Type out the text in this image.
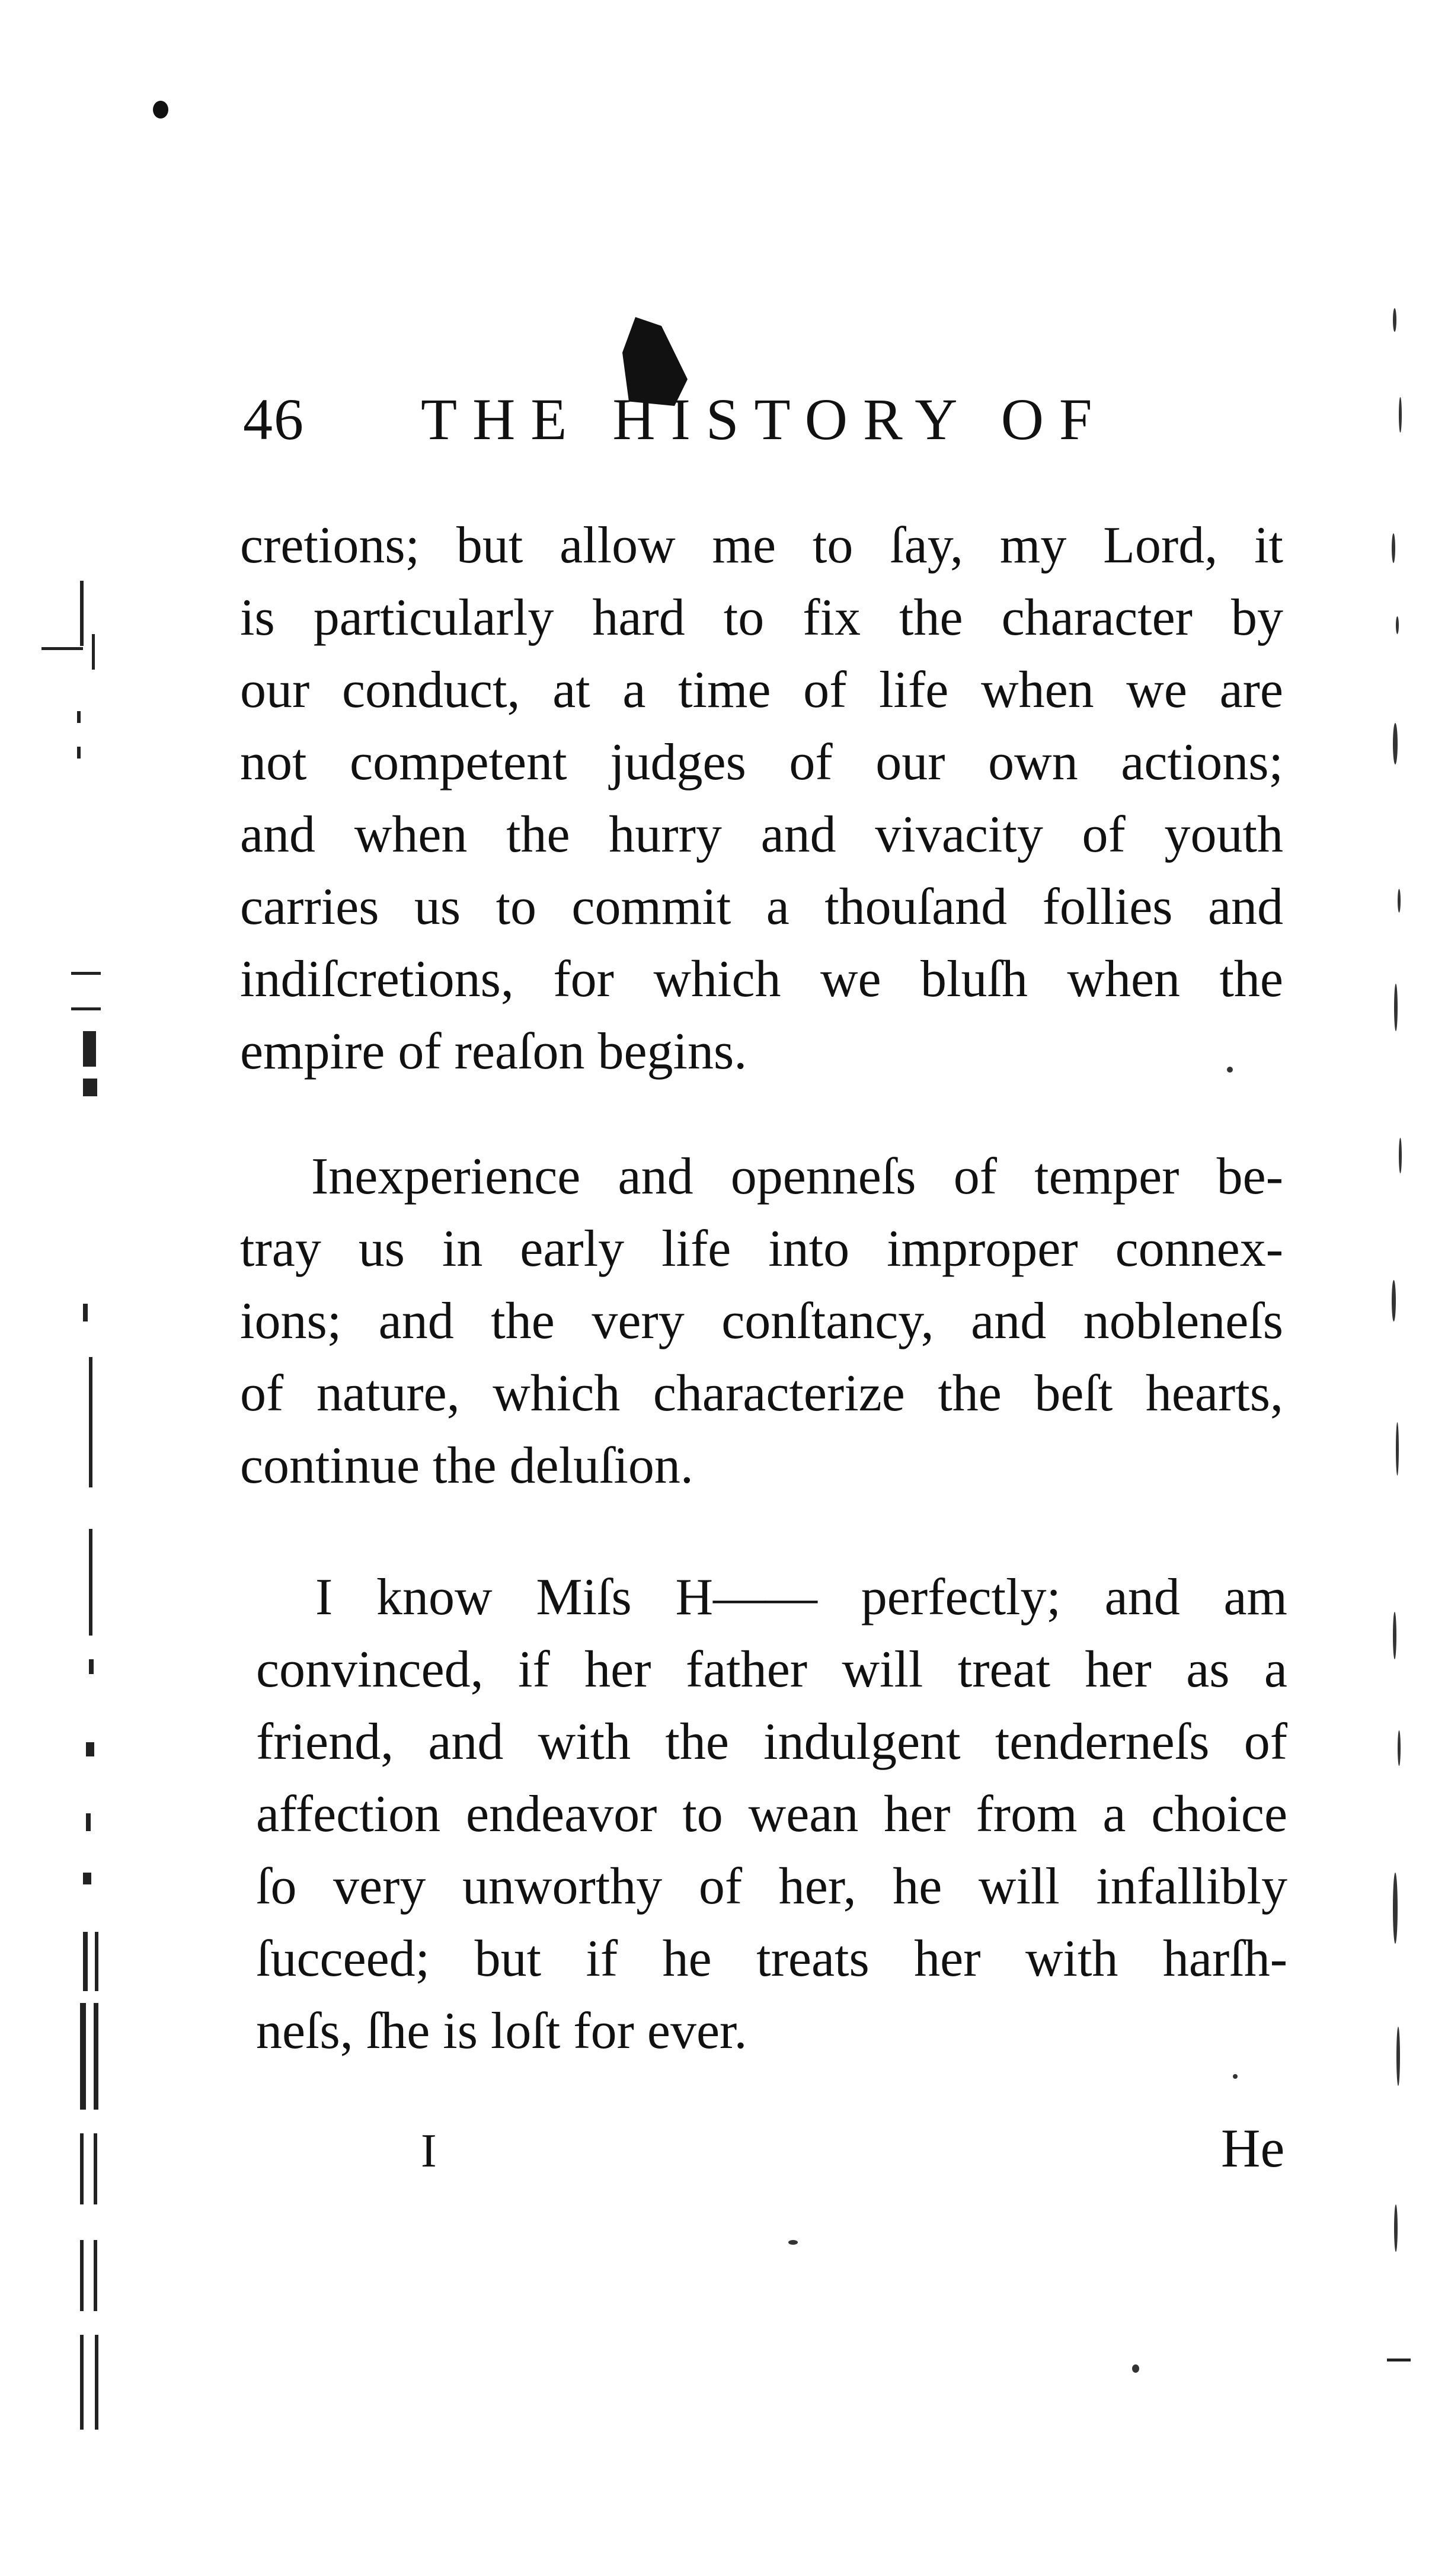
46 THE HISTORY OF
cretions; but allow me to ſay, my Lord, it
is particularly hard to fix the character by
our conduct, at a time of life when we are
not competent judges of our own actions;
and when the hurry and vivacity of youth
carries us to commit a thouſand follies and
indiſcretions, for which we bluſh when the
empire of reaſon begins.
Inexperience and openneſs of temper be-
tray us in early life into improper connex-
ions; and the very conſtancy, and nobleneſs
of nature, which characterize the beſt hearts,
continue the deluſion.
I know Miſs H—— perfectly; and am
convinced, if her father will treat her as a
friend, and with the indulgent tenderneſs of
affection endeavor to wean her from a choice
ſo very unworthy of her, he will infallibly
ſucceed; but if he treats her with harſh-
neſs, ſhe is loſt for ever.
I	He
